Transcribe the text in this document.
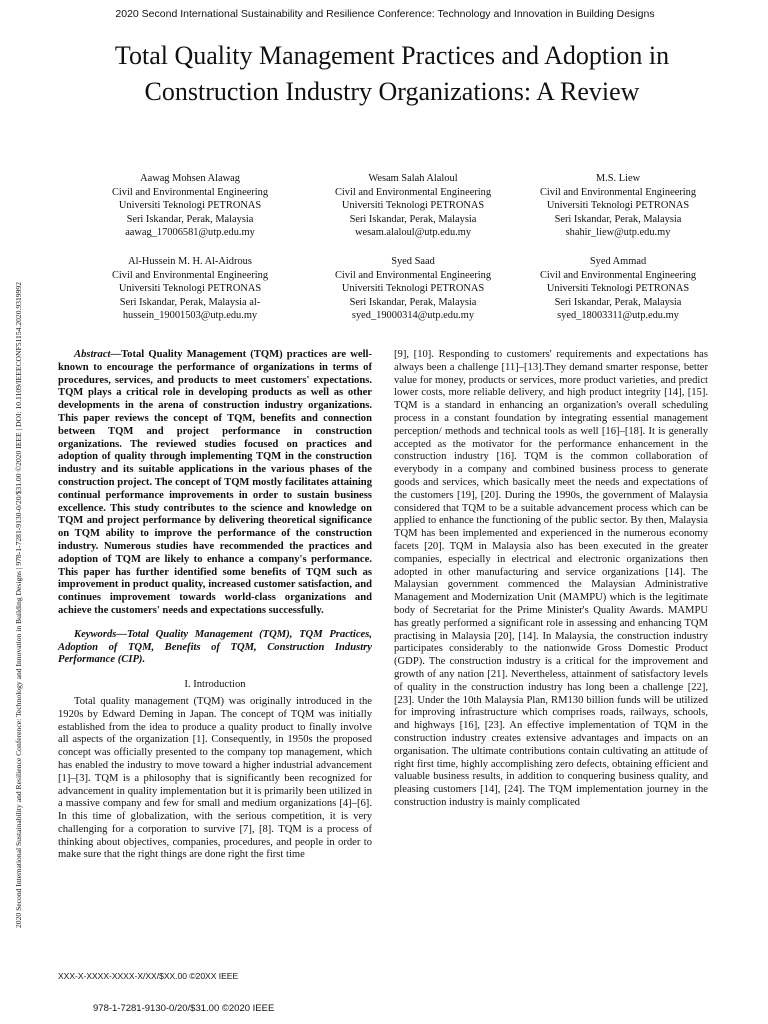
2020 Second International Sustainability and Resilience Conference: Technology and Innovation in Building Designs
2020 Second International Sustainability and Resilience Conference: Technology and Innovation in Building Designs | 978-1-7281-9130-0/20/$31.00 ©2020 IEEE | DOI: 10.1109/IEEECONF51154.2020.9319992
Total Quality Management Practices and Adoption in Construction Industry Organizations: A Review
Aawag Mohsen Alawag
Civil and Environmental Engineering
Universiti Teknologi PETRONAS
Seri Iskandar, Perak, Malaysia
aawag_17006581@utp.edu.my
Wesam Salah Alaloul
Civil and Environmental Engineering
Universiti Teknologi PETRONAS
Seri Iskandar, Perak, Malaysia
wesam.alaloul@utp.edu.my
M.S. Liew
Civil and Environmental Engineering
Universiti Teknologi PETRONAS
Seri Iskandar, Perak, Malaysia
shahir_liew@utp.edu.my
Al-Hussein M. H. Al-Aidrous
Civil and Environmental Engineering
Universiti Teknologi PETRONAS
Seri Iskandar, Perak, Malaysia al-
hussein_19001503@utp.edu.my
Syed Saad
Civil and Environmental Engineering
Universiti Teknologi PETRONAS
Seri Iskandar, Perak, Malaysia
syed_19000314@utp.edu.my
Syed Ammad
Civil and Environmental Engineering
Universiti Teknologi PETRONAS
Seri Iskandar, Perak, Malaysia
syed_18003311@utp.edu.my

Abstract—Total Quality Management (TQM) practices are well-known to encourage the performance of organizations in terms of procedures, services, and products to meet customers' expectations. TQM plays a critical role in developing products as well as other developments in the arena of construction industry organizations. This paper reviews the concept of TQM, benefits and connection between TQM and project performance in construction organizations. The reviewed studies focused on practices and adoption of quality through implementing TQM in the construction industry and its suitable applications in the various phases of the construction project. The concept of TQM mostly facilitates attaining continual performance improvements in order to sustain business excellence. This study contributes to the science and knowledge on TQM and project performance by delivering theoretical significance on TQM ability to improve the performance of the construction industry. Numerous studies have recommended the practices and adoption of TQM are likely to enhance a company's performance. This paper has further identified some benefits of TQM such as improvement in product quality, increased customer satisfaction, and continues improvement towards world-class organizations and achieve the customers' needs and expectations successfully.

Keywords—Total Quality Management (TQM), TQM Practices, Adoption of TQM, Benefits of TQM, Construction Industry Performance (CIP).

I. Introduction

Total quality management (TQM) was originally introduced in the 1920s by Edward Deming in Japan. The concept of TQM was initially established from the idea to produce a quality product to finally involve all aspects of the organization [1]. Consequently, in 1950s the proposed concept was officially presented to the company top management, which has enabled the industry to move toward a higher industrial advancement [1]–[3]. TQM is a philosophy that is significantly been recognized for advancement in quality implementation but it is primarily been utilized in a massive company and few for small and medium organizations [4]–[6]. In this time of globalization, with the serious competition, it is very challenging for a corporation to survive [7], [8]. TQM is a process of thinking about objectives, companies, procedures, and people in order to make sure that the right things are done right the first time

[9], [10]. Responding to customers' requirements and expectations has always been a challenge [11]–[13].They demand smarter response, better value for money, products or services, more product varieties, and predict lower costs, more reliable delivery, and high product integrity [14], [15]. TQM is a standard in enhancing an organization's overall scheduling process in a constant foundation by integrating essential management perception/ methods and technical tools as well [16]–[18]. It is generally accepted as the motivator for the performance enhancement in the construction industry [16]. TQM is the common collaboration of everybody in a company and combined business process to generate goods and services, which basically meet the needs and expectations of the customers [19], [20]. During the 1990s, the government of Malaysia considered that TQM to be a suitable advancement process which can be applied to enhance the functioning of the public sector. By then, Malaysia TQM has been implemented and experienced in the numerous economy facets [20]. TQM in Malaysia also has been executed in the greater companies, especially in electrical and electronic organizations then adopted in other manufacturing and service organizations [14]. The Malaysian government commenced the Malaysian Administrative Management and Modernization Unit (MAMPU) which is the legitimate body of Secretariat for the Prime Minister's Quality Awards. MAMPU has greatly performed a significant role in assessing and enhancing TQM practising in Malaysia [20], [14]. In Malaysia, the construction industry participates considerably to the nationwide Gross Domestic Product (GDP). The construction industry is a critical for the improvement and growth of any nation [21]. Nevertheless, attainment of satisfactory levels of quality in the construction industry has long been a challenge [22], [23]. Under the 10th Malaysia Plan, RM130 billion funds will be utilized for improving infrastructure which comprises roads, railways, schools, and highways [16], [23]. An effective implementation of TQM in the construction industry creates extensive advantages and impacts on an organisation. The ultimate contributions contain cultivating an attitude of right first time, highly accomplishing zero defects, obtaining efficient and valuable business results, in addition to conquering business quality, and pleasing customers [14], [24]. The TQM implementation journey in the construction industry is mainly complicated

XXX-X-XXXX-XXXX-X/XX/$XX.00 ©20XX IEEE
978-1-7281-9130-0/20/$31.00 ©2020 IEEE
